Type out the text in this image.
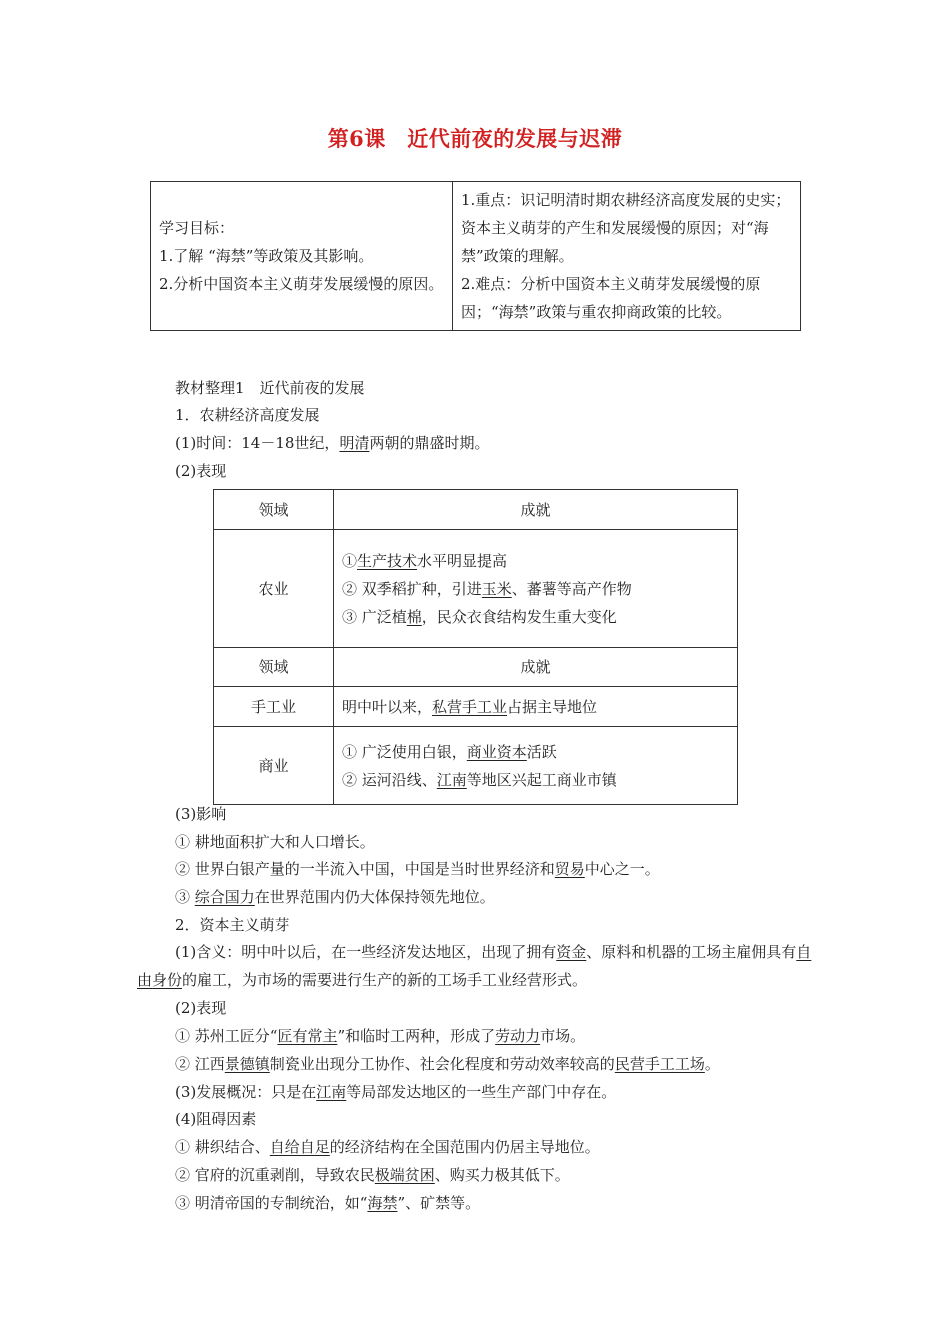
第6课　近代前夜的发展与迟滞
学习目标：
1.了解 “海禁”等政策及其影响。
2.分析中国资本主义萌芽发展缓慢的原因。

1.重点：识记明清时期农耕经济高度发展的史实；资本主义萌芽的产生和发展缓慢的原因；对“海禁”政策的理解。
2.难点：分析中国资本主义萌芽发展缓慢的原因；“海禁”政策与重农抑商政策的比较。
教材整理1　近代前夜的发展
1．农耕经济高度发展
(1)时间：14－18世纪，明清两朝的鼎盛时期。
(2)表现
领域	成就
农业	①生产技术水平明显提高
② 双季稻扩种，引进玉米、蕃薯等高产作物
③ 广泛植棉，民众衣食结构发生重大变化

领域	成就
手工业	明中叶以来，私营手工业占据主导地位
商业	① 广泛使用白银，商业资本活跃
② 运河沿线、江南等地区兴起工商业市镇
(3)影响
① 耕地面积扩大和人口增长。
② 世界白银产量的一半流入中国，中国是当时世界经济和贸易中心之一。
③ 综合国力在世界范围内仍大体保持领先地位。
2．资本主义萌芽
(1)含义：明中叶以后，在一些经济发达地区，出现了拥有资金、原料和机器的工场主雇佣具有自由身份的雇工，为市场的需要进行生产的新的工场手工业经营形式。
(2)表现
① 苏州工匠分“匠有常主”和临时工两种，形成了劳动力市场。
② 江西景德镇制瓷业出现分工协作、社会化程度和劳动效率较高的民营手工工场。
(3)发展概况：只是在江南等局部发达地区的一些生产部门中存在。
(4)阻碍因素
① 耕织结合、自给自足的经济结构在全国范围内仍居主导地位。
② 官府的沉重剥削，导致农民极端贫困、购买力极其低下。
③ 明清帝国的专制统治，如“海禁”、矿禁等。
